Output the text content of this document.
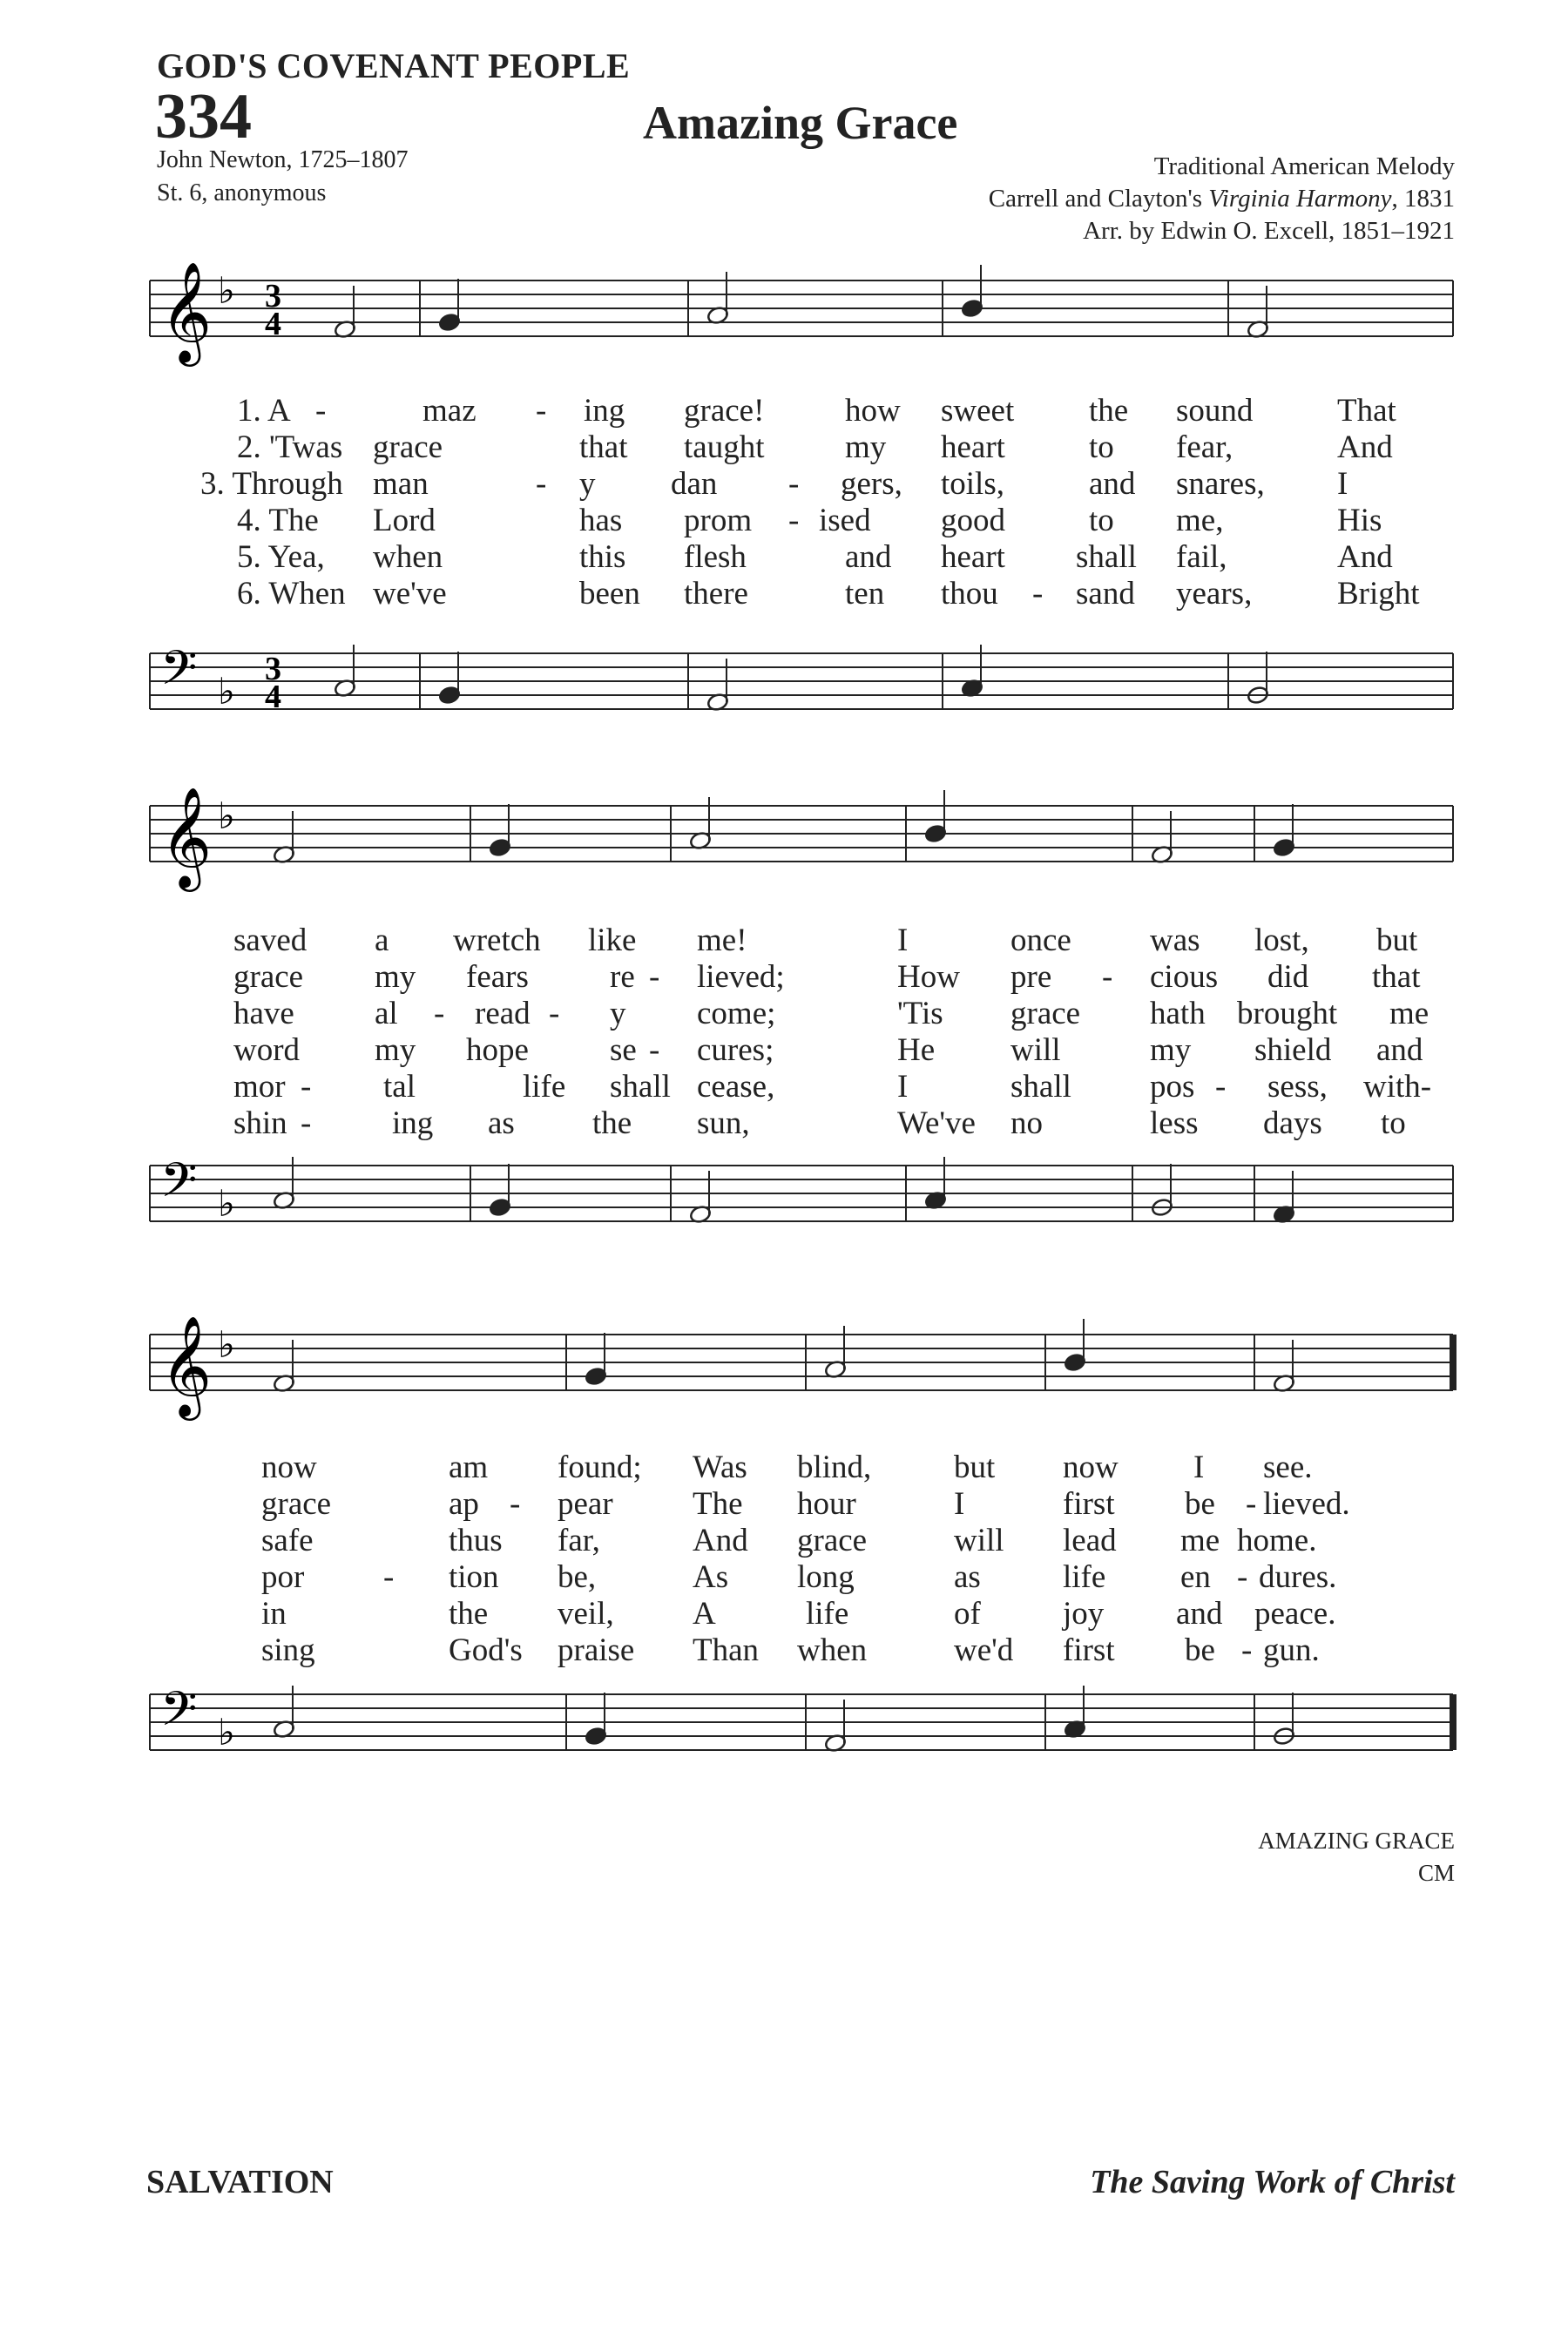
GOD'S COVENANT PEOPLE
334	Amazing Grace
John Newton, 1725–1807
St. 6, anonymous
Traditional American Melody
Carrell and Clayton's Virginia Harmony, 1831
Arr. by Edwin O. Excell, 1851–1921
𝄞 ♭ 3
4
𝄢 ♭
3
4
𝄞 ♭
𝄢 ♭
𝄞 ♭
𝄢 ♭
AMAZING GRACE
CM
SALVATION	The Saving Work of Christ
1. A -	maz - ing grace!	how sweet the sound	That
2. 'Twas grace	that taught	my heart	to fear,	And
3. Through man	- y dan - gers, toils,	and snares, I
4. The Lord	has prom - ised good	to me,	His
5. Yea, when	this flesh	and heart shall fail,	And
6. When we've	been there	ten thou - sand years,	Bright
saved a wretch like me!	I	once was lost, but
grace my fears	re - lieved;	How pre - cious did that
have al - read - y come;	'Tis grace hath brought me
word my hope	se - cures;	He will	my shield and
mor - tal	life shall cease,	I	shall pos - sess, with-
shin -	ing as the sun,	We've no	less days to
now	am found; Was blind,	but now I see.
grace	ap - pear The hour	I	first be - lieved.
safe	thus far,	And grace	will lead me home.
por - tion be,	As long	as	life en - dures.
in	the veil, A	life	of	joy and peace.
sing	God's praise Than when	we'd first be - gun.
